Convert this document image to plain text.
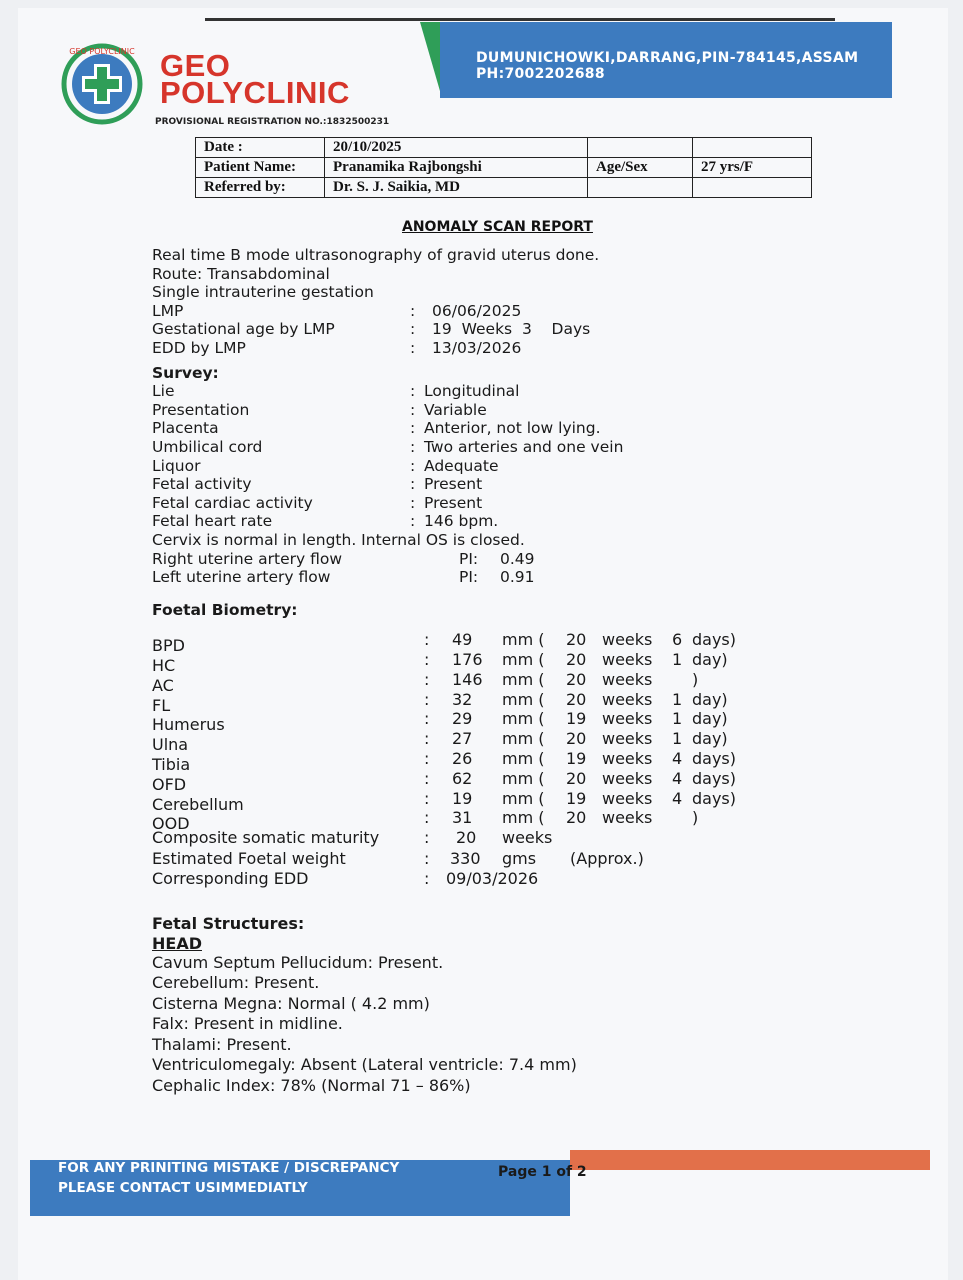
DUMUNICHOWKI,DARRANG,PIN-784145,ASSAM
PH:7002202688
GEO POLYCLINIC GEO
POLYCLINIC
PROVISIONAL REGISTRATION NO.:1832500231
Date :	20/10/2025		
Patient Name:	Pranamika Rajbongshi	Age/Sex	27 yrs/F
Referred by:	Dr. S. J. Saikia, MD		
ANOMALY SCAN REPORT
Real time B mode ultrasonography of gravid uterus done.
Route: Transabdominal
Single intrauterine gestation
LMP	: 06/06/2025
Gestational age by LMP	: 19  Weeks  3    Days
EDD by LMP	: 13/03/2026
Survey:
Lie	: Longitudinal
Presentation	: Variable
Placenta	: Anterior, not low lying.
Umbilical cord	: Two arteries and one vein
Liquor	: Adequate
Fetal activity	: Present
Fetal cardiac activity	: Present
Fetal heart rate	: 146 bpm.
Cervix is normal in length. Internal OS is closed.
Right uterine artery flow	PI: 0.49
Left uterine artery flow	PI: 0.91
Foetal Biometry:
BPD	: 49 mm ( 20 weeks 6 days)
HC	: 176 mm ( 20 weeks 1 day)
AC	: 146 mm ( 20 weeks )
FL	: 32 mm ( 20 weeks 1 day)
Humerus	: 29 mm ( 19 weeks 1 day)
Ulna	: 27 mm ( 20 weeks 1 day)
Tibia	: 26 mm ( 19 weeks 4 days)
OFD	: 62 mm ( 20 weeks 4 days)
Cerebellum	: 19 mm ( 19 weeks 4 days)
OOD	: 31 mm ( 20 weeks )
Composite somatic maturity	: 20 weeks
Estimated Foetal weight	: 330 gms (Approx.)
Corresponding EDD	: 09/03/2026
Fetal Structures:
HEAD
Cavum Septum Pellucidum: Present.
Cerebellum: Present.
Cisterna Megna: Normal ( 4.2 mm)
Falx: Present in midline.
Thalami: Present.
Ventriculomegaly: Absent (Lateral ventricle: 7.4 mm)
Cephalic Index: 78% (Normal 71 – 86%)
FOR ANY PRINITING MISTAKE / DISCREPANCY
PLEASE CONTACT USIMMEDIATLY
Page 1 of 2
